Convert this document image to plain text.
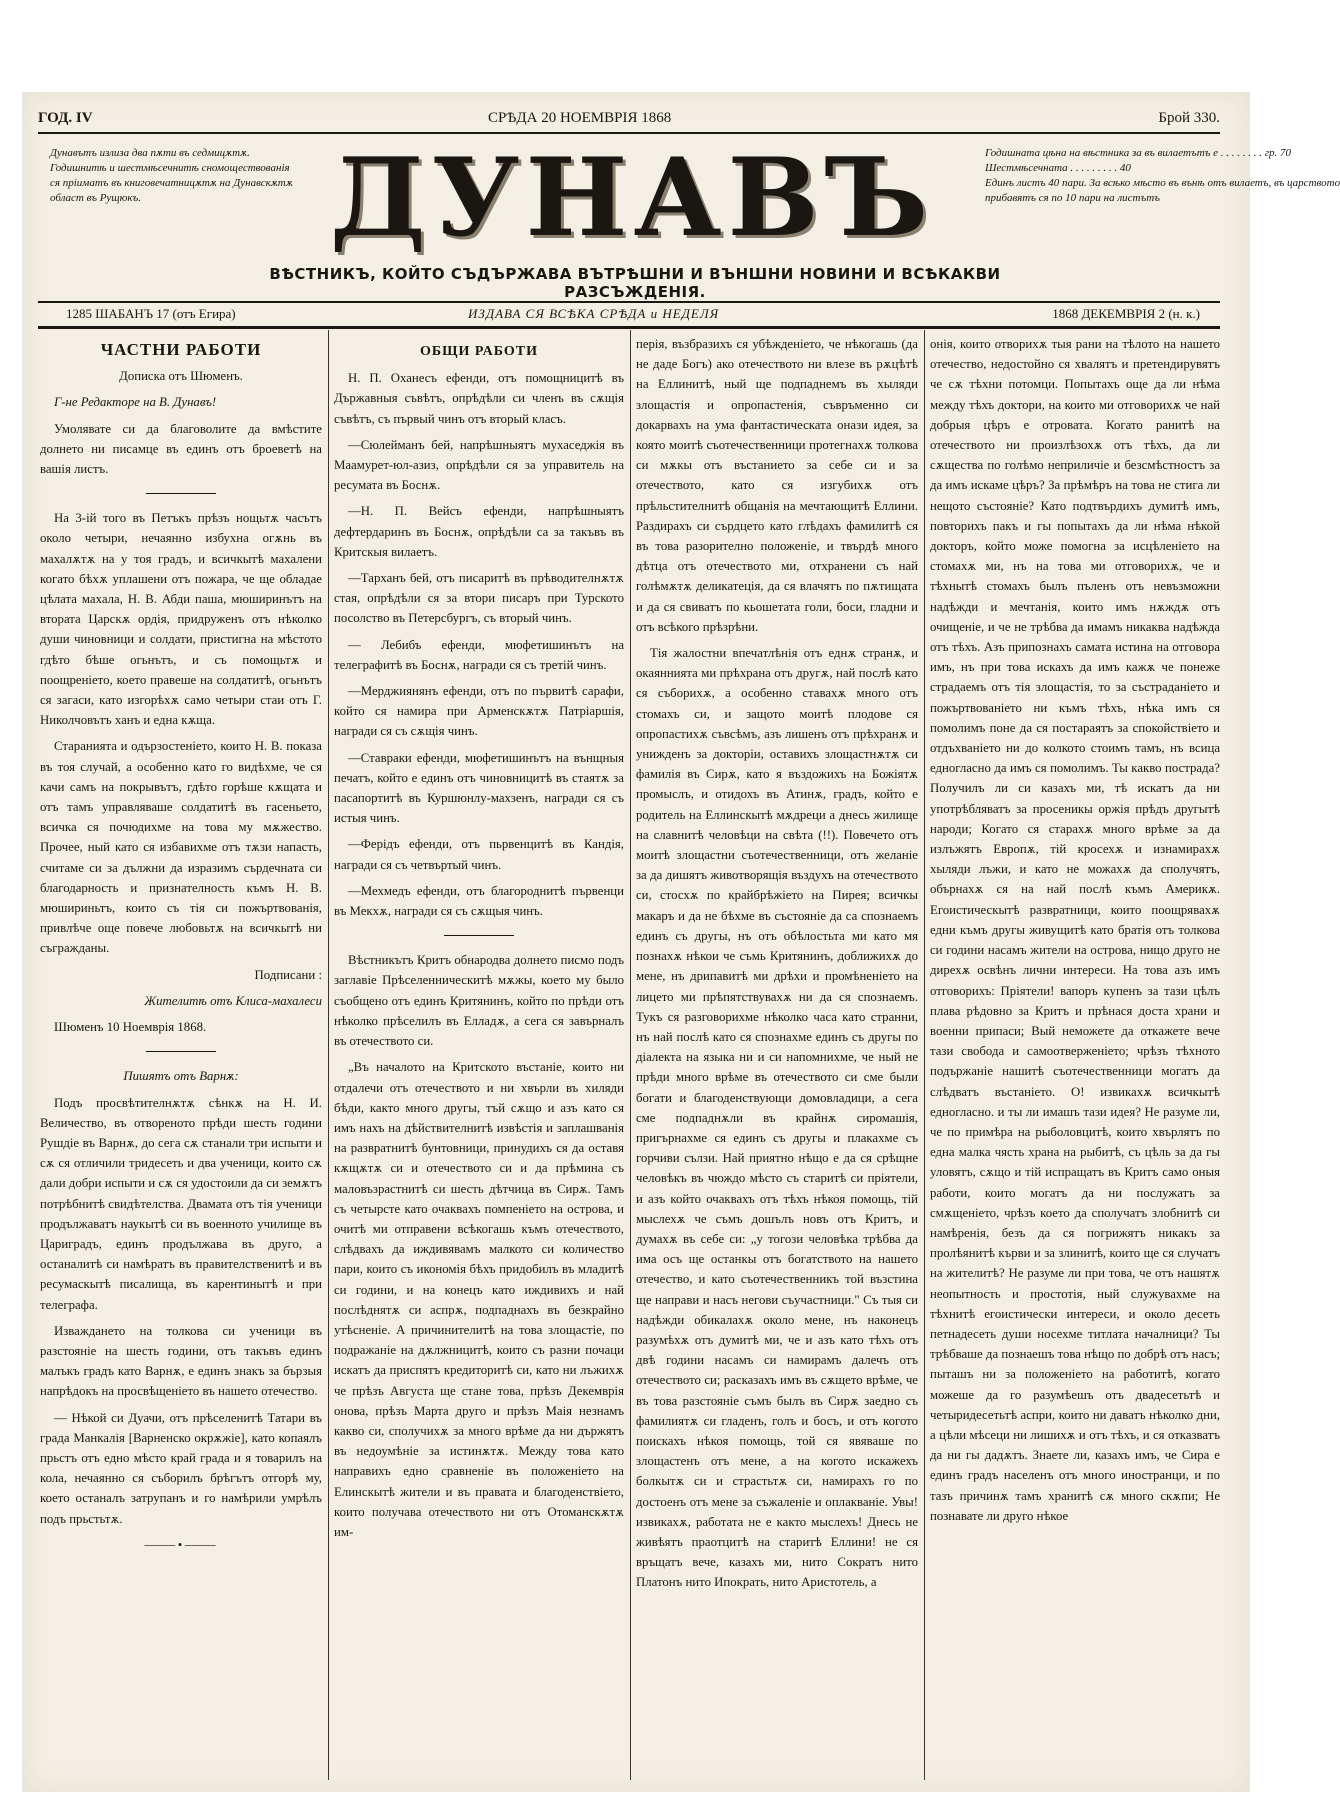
ГОД. IV	СРѢДА 20 НОЕМВРІЯ 1868	Брой 330.
Дунавътъ излиза два пѫти въ седмицѫтѫ. Годишнитѣ и шестмѣсечнитѣ сномоществованія ся прiиматъ въ книговечатницѫтѫ на Дунавскѫтѫ област въ Рущюкъ.	ДУНАВЪ
ВѢСТНИКЪ, КОЙТО СЪДЪРЖАВА ВЪТРѢШНИ И ВЪНШНИ НОВИНИ И ВСѢКАКВИ РАЗСЪЖДЕНІЯ.
Годишната цѣна на вѣстника за въ вилаетътъ е . . . . . . . . гр. 70
Шестмѣсечната . . . . . . . . . 40
Единъ листъ 40 пари. За всѣко мѣсто въ вънѣ отъ вилаетъ, въ царството
прибавятъ ся по 10 пари на листътъ
1285 ШАБАНЪ 17 (отъ Егира)	ИЗДАВА СЯ ВСѢКА СРѢДА и НЕДЕЛЯ	1868 ДЕКЕМВРІЯ 2 (н. к.)

ЧАСТНИ РАБОТИ

Дописка отъ Шюменъ.

Г-не Редакторе на В. Дунавъ!

Умолявате си да благоволите да вмѣстите долнето ни писамце въ единъ отъ броеветѣ на вашія листъ.

На 3-ій того въ Петъкъ прѣзъ нощьтѫ часътъ около четыри, нечаянно избухна огѫнь въ махалѫтѫ на у тоя градъ, и всичкытѣ махалени когато бѣхѫ уплашени отъ пожара, че ще обладае цѣлата махала, Н. В. Абди паша, мюширинътъ на втората Царскѫ ордія, придруженъ отъ нѣколко души чиновници и солдати, пристигна на мѣстото гдѣто бѣше огьнътъ, и съ помощьтѫ и поощреніето, което правеше на солдатитѣ, огьнътъ ся загаси, като изгорѣхѫ само четыри стаи отъ Г. Николчовътъ ханъ и една кѫща.

Старанията и одързостеніето, които Н. В. показа въ тоя случай, а особенно като го видѣхме, че ся качи самъ на покрывътъ, гдѣто горѣше кѫщата и отъ тамъ управляваше солдатитѣ въ гасеньето, всичка ся почюдихме на това му мѫжество. Прочее, ный като ся избавихме отъ тѫзи напасть, считаме си за дължни да изразимъ сърдечната си благодарность и признателность къмъ Н. В. мюшириньтъ, които съ тія си пожъртвованія, привлѣче още повече любовьтѫ на всичкытѣ ни съгражданы.

Подписани :

Жителитѣ отъ Клиса-махалеси

Шюменъ 10 Ноемврія 1868.

Пишятъ отъ Варнѫ:

Подъ просвѣтителнѫтѫ сѣнкѫ на Н. И. Величество, въ отвореното прѣди шесть години Рушдіе въ Варнѫ, до сега сѫ станали три испыти и сѫ ся отличили тридесеть и два ученици, които сѫ дали добри испыти и сѫ ся удостоили да си земѫтъ потрѣбнитѣ свидѣтелства. Двамата отъ тія ученици продължаватъ наукытѣ си въ военното училище въ Цариградъ, единъ продължава въ друго, а останалитѣ си намѣратъ въ правителственитѣ и въ ресумаскытѣ писалища, въ карентинытѣ и при телеграфа.

Изваждането на толкова си ученици въ разстояніе на шесть години, отъ такъвъ единъ малъкъ градъ като Варнѫ, е единъ знакъ за бързыя напрѣдокъ на просвѣщеніето въ нашето отечество.

— Нѣкой си Дуачи, отъ прѣселенитѣ Татари въ града Манкалія [Варненско окрѫжіе], като копаялъ прьстъ отъ едно мѣсто край града и я товарилъ на кола, нечаянно ся съборилъ брѣгътъ отгорѣ му, което останалъ затрупанъ и го намѣрили умрѣлъ подъ прьстьтѫ.

⸻•⸻

ОБЩИ РАБОТИ

Н. П. Оханесъ ефенди, отъ помощницитѣ въ Държавныя съвѣтъ, опрѣдѣли си членъ въ сѫщія съвѣтъ, съ първый чинъ отъ вторый класъ.

—Сюлейманъ бей, напрѣшныятъ мухаседжія въ Маамурет-юл-азиз, опрѣдѣли ся за управитель на ресумата въ Боснѫ.

—Н. П. Вейсъ ефенди, напрѣшныятъ дефтердаринъ въ Боснѫ, опрѣдѣли са за такъвъ въ Критскыя вилаетъ.

—Тарханъ бей, отъ писаритѣ въ прѣводителнѫтѫ стая, опрѣдѣли ся за втори писаръ при Турското посолство въ Петерсбургъ, съ вторый чинъ.

— Лебибъ ефенди, мюфетишинътъ на телеграфитѣ въ Боснѫ, награди ся съ третій чинъ.

—Мерджиянянъ ефенди, отъ по първитѣ сарафи, който ся намира при Арменскѫтѫ Патріаршія, награди ся съ сѫщія чинъ.

—Ставраки ефенди, мюфетишинътъ на вънщныя печатъ, който е единъ отъ чиновницитѣ въ стаятѫ за пасапортитѣ въ Куршюнлу-махзенъ, награди ся съ истыя чинъ.

—Ферідъ ефенди, отъ пьрвенцитѣ въ Кандія, награди ся съ четвъртый чинъ.

—Мехмедъ ефенди, отъ благороднитѣ първенци въ Мекхѫ, награди ся съ сѫщыя чинъ.

Вѣстникътъ Критъ обнародва долнето писмо подъ заглавіе Прѣселенническитѣ мѫжы, което му было съобщено отъ единъ Критянинъ, който по прѣди отъ нѣколко прѣселилъ въ Елладѫ, а сега ся завърналъ въ отечеството си.

„Въ началото на Критското въстаніе, които ни отдалечи отъ отечеството и ни хвърли въ хиляди бѣди, както много другы, тъй сѫщо и азъ като ся имъ нахъ на дѣйствителнитѣ извѣстія и заплашванія на развратнитѣ бунтовници, принудихъ ся да оставя кѫщѫтѫ си и отечеството си и да прѣмина съ маловъзрастнитѣ си шесть дѣтчица въ Сирѫ. Тамъ съ четырсте като очаквахъ помпеніето на острова, и очитѣ ми отправени всѣкогашь къмъ отечеството, слѣдвахъ да иждивявамъ малкото си количество пари, които съ икономія бѣхъ придобилъ въ младитѣ си години, и на конецъ като иждивихъ и най послѣднятѫ си аспрѫ, подпаднахъ въ безкрайно утѣсненіе. А причинителитѣ на това злощастіе, по подражаніе на дѫлжницитѣ, които съ разни почаци искатъ да приспятъ кредиторитѣ си, като ни лъжихѫ че прѣзъ Августа ще стане това, прѣзъ Декемврія онова, прѣзъ Марта друго и прѣзъ Маія незнамъ какво си, сполучихѫ за много врѣме да ни държятъ въ недоумѣніе за истинѫтѫ. Между това като направихъ едно сравненіе въ положеніето на Елинскытѣ жители и въ правата и благоденствіето, които получава отечеството ни отъ Отоманскѫтѫ им-

перія, възбразихъ ся убѣжденіето, че нѣкогашь (да не даде Богъ) ако отечеството ни влезе въ рѫцѣтѣ на Еллинитѣ, ный ще подпаднемъ въ хыляди злощастія и опропастенія, съвръменно си докарвахъ на ума фантастическата онази идея, за която моитѣ съотечественници протегнахѫ толкова си мѫкы отъ въстанието за себе си и за отечеството, като ся изгубихѫ отъ прѣльстителнитѣ общанія на мечтающитѣ Еллини. Раздирахъ си сърдцето като глѣдахъ фамилитѣ ся въ това разорително положеніе, и твърдѣ много дѣтца отъ отечеството ми, отхранени съ най голѣмѫтѫ деликатеція, да ся влачятъ по пѫтищата и да ся свиватъ по кьошетата голи, боси, гладни и отъ всѣкого прѣзрѣни.

Тія жалостни впечатлѣнія отъ еднѫ странѫ, и окаяннията ми прѣхрана отъ другѫ, най послѣ като ся съборихѫ, а особенно ставахѫ много отъ стомахъ си, и защото моитѣ плодове ся опропастихѫ съвсѣмъ, азъ лишенъ отъ прѣхранѫ и унижденъ за докторіи, оставихъ злощастнѫтѫ си фамилія въ Сирѫ, като я въздожихъ на Божіятѫ промыслъ, и отидохъ въ Атинѫ, градъ, който е родитель на Еллинскытѣ мѫдреци а днесь жилище на славнитѣ человѣци на свѣта (!!). Повечето отъ моитѣ злощастни съотечественници, отъ желаніе за да дишятъ животворящія въздухъ на отечеството си, стосхѫ по крайбрѣжіето на Пирея; всичкы макаръ и да не бѣхме въ състояніе да са спознаемъ единъ съ другы, нъ отъ обѣлостьта ми като мя познахѫ нѣкои че съмь Критянинъ, доближихѫ до мене, нъ дрипавитѣ ми дрѣхи и промѣненіето на лицето ми прѣпятствувахѫ ни да ся спознаемъ. Тукъ ся разговорихме нѣколко часа като странни, нъ най послѣ като ся спознахме единъ съ другы по діалекта на языка ни и си напомнихме, че ный не прѣди много врѣме въ отечеството си сме были богати и благоденствующи домовладици, а сега сме подпаднѫли въ крайнѫ сиромашія, пригърнахме ся единъ съ другы и плакахме съ горчиви сълзи. Най приятно нѣщо е да ся срѣщне человѣкъ въ чюждо мѣсто съ старитѣ си пріятели, и азъ който очаквахъ отъ тѣхъ нѣкоя помощь, тій мыслехѫ че съмъ дошълъ новъ отъ Критъ, и думахѫ въ себе си: „у тогози человѣка трѣбва да има осъ ще останкы отъ богатството на нашето отечество, и като съотечественникъ той възстина ще направи и насъ негови съучастници." Съ тыя си надѣжди обикалахѫ около мене, нъ наконецъ разумѣхѫ отъ думитѣ ми, че и азъ като тѣхъ отъ двѣ години насамъ си намирамъ далечъ отъ отечеството си; расказахъ имъ въ сѫщето врѣме, че въ това разстояніе съмъ былъ въ Сирѫ заедно съ фамилиятѫ си гладенъ, голъ и босъ, и отъ когото поискахъ нѣкоя помощь, той ся явяваше по злощастенъ отъ мене, а на когото искажехъ болкытѫ си и страстьтѫ си, намирахъ го по достоенъ отъ мене за съжаленіе и оплакваніе. Увы! извикахѫ, работата не е както мыслехъ! Днесь не живѣятъ праотцитѣ на старитѣ Еллини! не ся връщатъ вече, казахъ ми, нито Сократъ нито Платонъ нито Ипократь, нито Аристотель, а

онія, които отворихѫ тыя рани на тѣлото на нашето отечество, недостойно ся хвалятъ и претендирувятъ че сѫ тѣхни потомци. Попытахъ още да ли нѣма между тѣхъ доктори, на които ми отговорихѫ че най добрыя цѣръ е отровата. Когато ранитѣ на отечеството ни произлѣзохѫ отъ тѣхъ, да ли сѫщества по голѣмо неприличіе и безсмѣстностъ за да имъ искаме цѣръ? За прѣмѣръ на това не стига ли нещото състояніе? Като подтвърдихъ думитѣ имъ, повторихъ пакъ и гы попытахъ да ли нѣма нѣкой докторъ, който може помогна за исцѣленіето на стомахѫ ми, нъ на това ми отговорихѫ, че и тѣхнытѣ стомахъ былъ пъленъ отъ невъзможни надѣжди и мечтанія, които имъ нѫждѫ отъ очищеніе, и че не трѣбва да имамъ никаква надѣжда отъ тѣхъ. Азъ припознахъ самата истина на отговора имъ, нъ при това искахъ да имъ кажѫ че понеже страдаемъ отъ тія злощастія, то за състраданіето и пожъртвованіето ни къмъ тѣхъ, нѣка имъ ся помолимъ поне да ся постараятъ за спокойствіето и отдъхваніето ни до колкото стоимъ тамъ, нъ всица едногласно да имъ ся помолимъ. Ты какво пострада? Получилъ ли си казахъ ми, тѣ искатъ да ни употрѣбляватъ за просеникы оржія прѣдъ другытѣ народи; Когато ся старахѫ много врѣме за да излъжятъ Европѫ, тій кросехѫ и изнамирахѫ хыляди лъжи, и като не можахѫ да сполучятъ, обърнахѫ ся на най послѣ къмъ Америкѫ. Егоистическытѣ развратници, които поощрявахѫ едни къмъ другы живущитѣ като братія отъ толкова си години насамъ жители на острова, нищо друго не дирехѫ освѣнъ лични интереси. На това азъ имъ отговорихъ: Пріятели! вапоръ купенъ за тази цѣлъ плава рѣдовно за Критъ и прѣнася доста храни и военни припаси; Вый неможете да откажете вече тази свобода и самоотверженіето; чрѣзъ тѣхното подържаніе нашитѣ съотечественници могатъ да слѣдватъ въстаніето. О! извикахѫ всичкытѣ едногласно. и ты ли имашъ тази идея? Не разуме ли, че по примѣра на рыболовцитѣ, които хвърлятъ по една малка чясть храна на рыбитѣ, съ цѣль за да гы уловятъ, сѫщо и тій испращатъ въ Критъ само оныя работи, които могатъ да ни послужатъ за смѫщеніето, чрѣзъ което да сполучатъ злобнитѣ си намѣренія, безъ да ся погрижятъ никакъ за пролѣянитѣ кърви и за злинитѣ, които ще ся случатъ на жителитѣ? Не разуме ли при това, че отъ нашятѫ неопытность и простотія, ный служувахме на тѣхнитѣ егоистически интереси, и около десеть петнадесеть души носехме титлата началници? Ты трѣбваше да познаешъ това нѣщо по добрѣ отъ насъ; пыташъ ни за положеніето на работитѣ, когато можеше да го разумѣешъ отъ двадесетьтѣ и четыридесетьтѣ аспри, които ни даватъ нѣколко дни, а цѣли мѣсеци ни лишихѫ и отъ тѣхъ, и ся отказватъ да ни гы дадѫтъ. Знаете ли, казахъ имъ, че Сира е единъ градъ населенъ отъ много иностранци, и по тазъ причинѫ тамъ хранитѣ сѫ много скѫпи; Не познавате ли друго нѣкое
